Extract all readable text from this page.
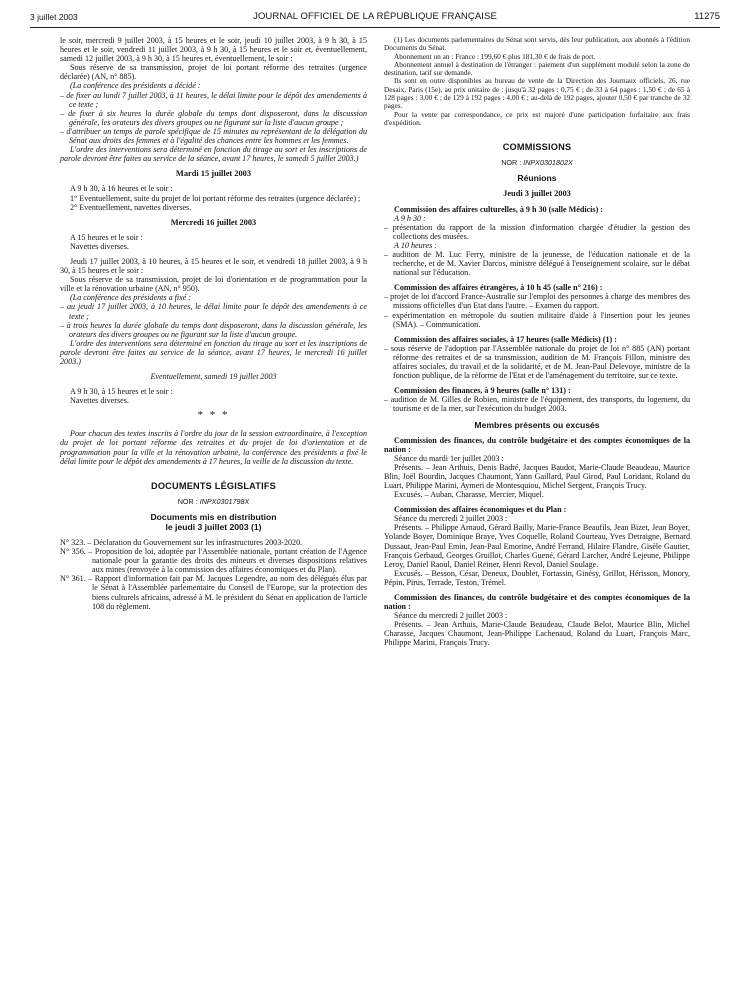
3 juillet 2003	JOURNAL OFFICIEL DE LA RÉPUBLIQUE FRANÇAISE	11275

le soir, mercredi 9 juillet 2003, à 15 heures et le soir, jeudi 10 juillet 2003, à 9 h 30, à 15 heures et le soir, vendredi 11 juillet 2003, à 9 h 30, à 15 heures et le soir et, éventuellement, samedi 12 juillet 2003, à 9 h 30, à 15 heures et, éventuellement, le soir :

Sous réserve de sa transmission, projet de loi portant réforme des retraites (urgence déclarée) (AN, n° 885).

(La conférence des présidents a décidé :

– de fixer au lundi 7 juillet 2003, à 11 heures, le délai limite pour le dépôt des amendements à ce texte ;

– de fixer à six heures la durée globale du temps dont disposeront, dans la discussion générale, les orateurs des divers groupes ou ne figurant sur la liste d'aucun groupe ;

– d'attribuer un temps de parole spécifique de 15 minutes au représentant de la délégation du Sénat aux droits des femmes et à l'égalité des chances entre les hommes et les femmes.

L'ordre des interventions sera déterminé en fonction du tirage au sort et les inscriptions de parole devront être faites au service de la séance, avant 17 heures, le samedi 5 juillet 2003.)

Mardi 15 juillet 2003

A 9 h 30, à 16 heures et le soir :

1° Eventuellement, suite du projet de loi portant réforme des retraites (urgence déclarée) ;

2° Eventuellement, navettes diverses.

Mercredi 16 juillet 2003

A 15 heures et le soir :

Navettes diverses.

Jeudi 17 juillet 2003, à 10 heures, à 15 heures et le soir, et vendredi 18 juillet 2003, à 9 h 30, à 15 heures et le soir :

Sous réserve de sa transmission, projet de loi d'orientation et de programmation pour la ville et la rénovation urbaine (AN, n° 950).

(La conférence des présidents a fixé :

– au jeudi 17 juillet 2003, à 10 heures, le délai limite pour le dépôt des amendements à ce texte ;

– à trois heures la durée globale du temps dont disposeront, dans la discussion générale, les orateurs des divers groupes ou ne figurant sur la liste d'aucun groupe.

L'ordre des interventions sera déterminé en fonction du tirage au sort et les inscriptions de parole devront être faites au service de la séance, avant 17 heures, le mercredi 16 juillet 2003.)

Eventuellement, samedi 19 juillet 2003

A 9 h 30, à 15 heures et le soir :

Navettes diverses.

* * *

Pour chacun des textes inscrits à l'ordre du jour de la session extraordinaire, à l'exception du projet de loi portant réforme des retraites et du projet de loi d'orientation et de programmation pour la ville et la rénovation urbaine, la conférence des présidents a fixé le délai limite pour le dépôt des amendements à 17 heures, la veille de la discussion du texte.

DOCUMENTS LÉGISLATIFS

NOR : INPX0301798X

Documents mis en distribution

le jeudi 3 juillet 2003 (1)

N° 323. – Déclaration du Gouvernement sur les infrastructures 2003-2020.

N° 356. – Proposition de loi, adoptée par l'Assemblée nationale, portant création de l'Agence nationale pour la garantie des droits des mineurs et diverses dispositions relatives aux mines (renvoyée à la commission des affaires économiques et du Plan).

N° 361. – Rapport d'information fait par M. Jacques Legendre, au nom des délégués élus par le Sénat à l'Assemblée parlementaire du Conseil de l'Europe, sur la protection des biens culturels africains, adressé à M. le président du Sénat en application de l'article 108 du règlement.

(1) Les documents parlementaires du Sénat sont servis, dès leur publication, aux abonnés à l'édition Documents du Sénat.

Abonnement un an : France : 199,60 € plus 181,30 € de frais de port.

Abonnement annuel à destination de l'étranger : paiement d'un supplément modulé selon la zone de destination, tarif sur demande.

Ils sont en outre disponibles au bureau de vente de la Direction des Journaux officiels, 26, rue Desaix, Paris (15e), au prix unitaire de : jusqu'à 32 pages : 0,75 € ; de 33 à 64 pages : 1,50 € ; de 65 à 128 pages : 3,00 € ; de 129 à 192 pages : 4,00 € ; au-delà de 192 pages, ajouter 0,50 € par tranche de 32 pages.

Pour la vente par correspondance, ce prix est majoré d'une participation forfaitaire aux frais d'expédition.

COMMISSIONS

NOR : INPX0301802X

Réunions

Jeudi 3 juillet 2003

Commission des affaires culturelles, à 9 h 30 (salle Médicis) :

A 9 h 30 :

– présentation du rapport de la mission d'information chargée d'étudier la gestion des collections des musées.

A 10 heures :

– audition de M. Luc Ferry, ministre de la jeunesse, de l'éducation nationale et de la recherche, et de M. Xavier Darcos, ministre délégué à l'enseignement scolaire, sur le débat national sur l'éducation.

Commission des affaires étrangères, à 10 h 45 (salle n° 216) :

– projet de loi d'accord France-Australie sur l'emploi des personnes à charge des membres des missions officielles d'un Etat dans l'autre. – Examen du rapport.

– expérimentation en métropole du soutien militaire d'aide à l'insertion pour les jeunes (SMA). – Communication.

Commission des affaires sociales, à 17 heures (salle Médicis) (1) :

– sous réserve de l'adoption par l'Assemblée nationale du projet de loi n° 885 (AN) portant réforme des retraites et de sa transmission, audition de M. François Fillon, ministre des affaires sociales, du travail et de la solidarité, et de M. Jean-Paul Delevoye, ministre de la fonction publique, de la réforme de l'Etat et de l'aménagement du territoire, sur ce texte.

Commission des finances, à 9 heures (salle n° 131) :

– audition de M. Gilles de Robien, ministre de l'équipement, des transports, du logement, du tourisme et de la mer, sur l'exécution du budget 2003.

Membres présents ou excusés

Commission des finances, du contrôle budgétaire et des comptes économiques de la nation :

Séance du mardi 1er juillet 2003 :

Présents. – Jean Arthuis, Denis Badré, Jacques Baudot, Marie-Claude Beaudeau, Maurice Blin, Joël Bourdin, Jacques Chaumont, Yann Gaillard, Paul Girod, Paul Loridant, Roland du Luart, Philippe Marini, Aymeri de Montesquiou, Michel Sergent, François Trucy.

Excusés. – Auban, Charasse, Mercier, Miquel.

Commission des affaires économiques et du Plan :

Séance du mercredi 2 juillet 2003 :

Présents. – Philippe Arnaud, Gérard Bailly, Marie-France Beaufils, Jean Bizet, Jean Boyer, Yolande Boyer, Dominique Braye, Yves Coquelle, Roland Courteau, Yves Detraigne, Bernard Dussaut, Jean-Paul Emin, Jean-Paul Emorine, André Ferrand, Hilaire Flandre, Gisèle Gautier, François Gerbaud, Georges Gruillot, Charles Guené, Gérard Larcher, André Lejeune, Philippe Leroy, Daniel Raoul, Daniel Reiner, Henri Revol, Daniel Soulage.

Excusés. – Besson, César, Deneux, Doublet, Fortassin, Ginésy, Grillot, Hérisson, Monory, Pépin, Pirus, Terrade, Teston, Trémel.

Commission des finances, du contrôle budgétaire et des comptes économiques de la nation :

Séance du mercredi 2 juillet 2003 :

Présents. – Jean Arthuis, Marie-Claude Beaudeau, Claude Belot, Maurice Blin, Michel Charasse, Jacques Chaumont, Jean-Philippe Lachenaud, Roland du Luart, François Marc, Philippe Marini, François Trucy.
